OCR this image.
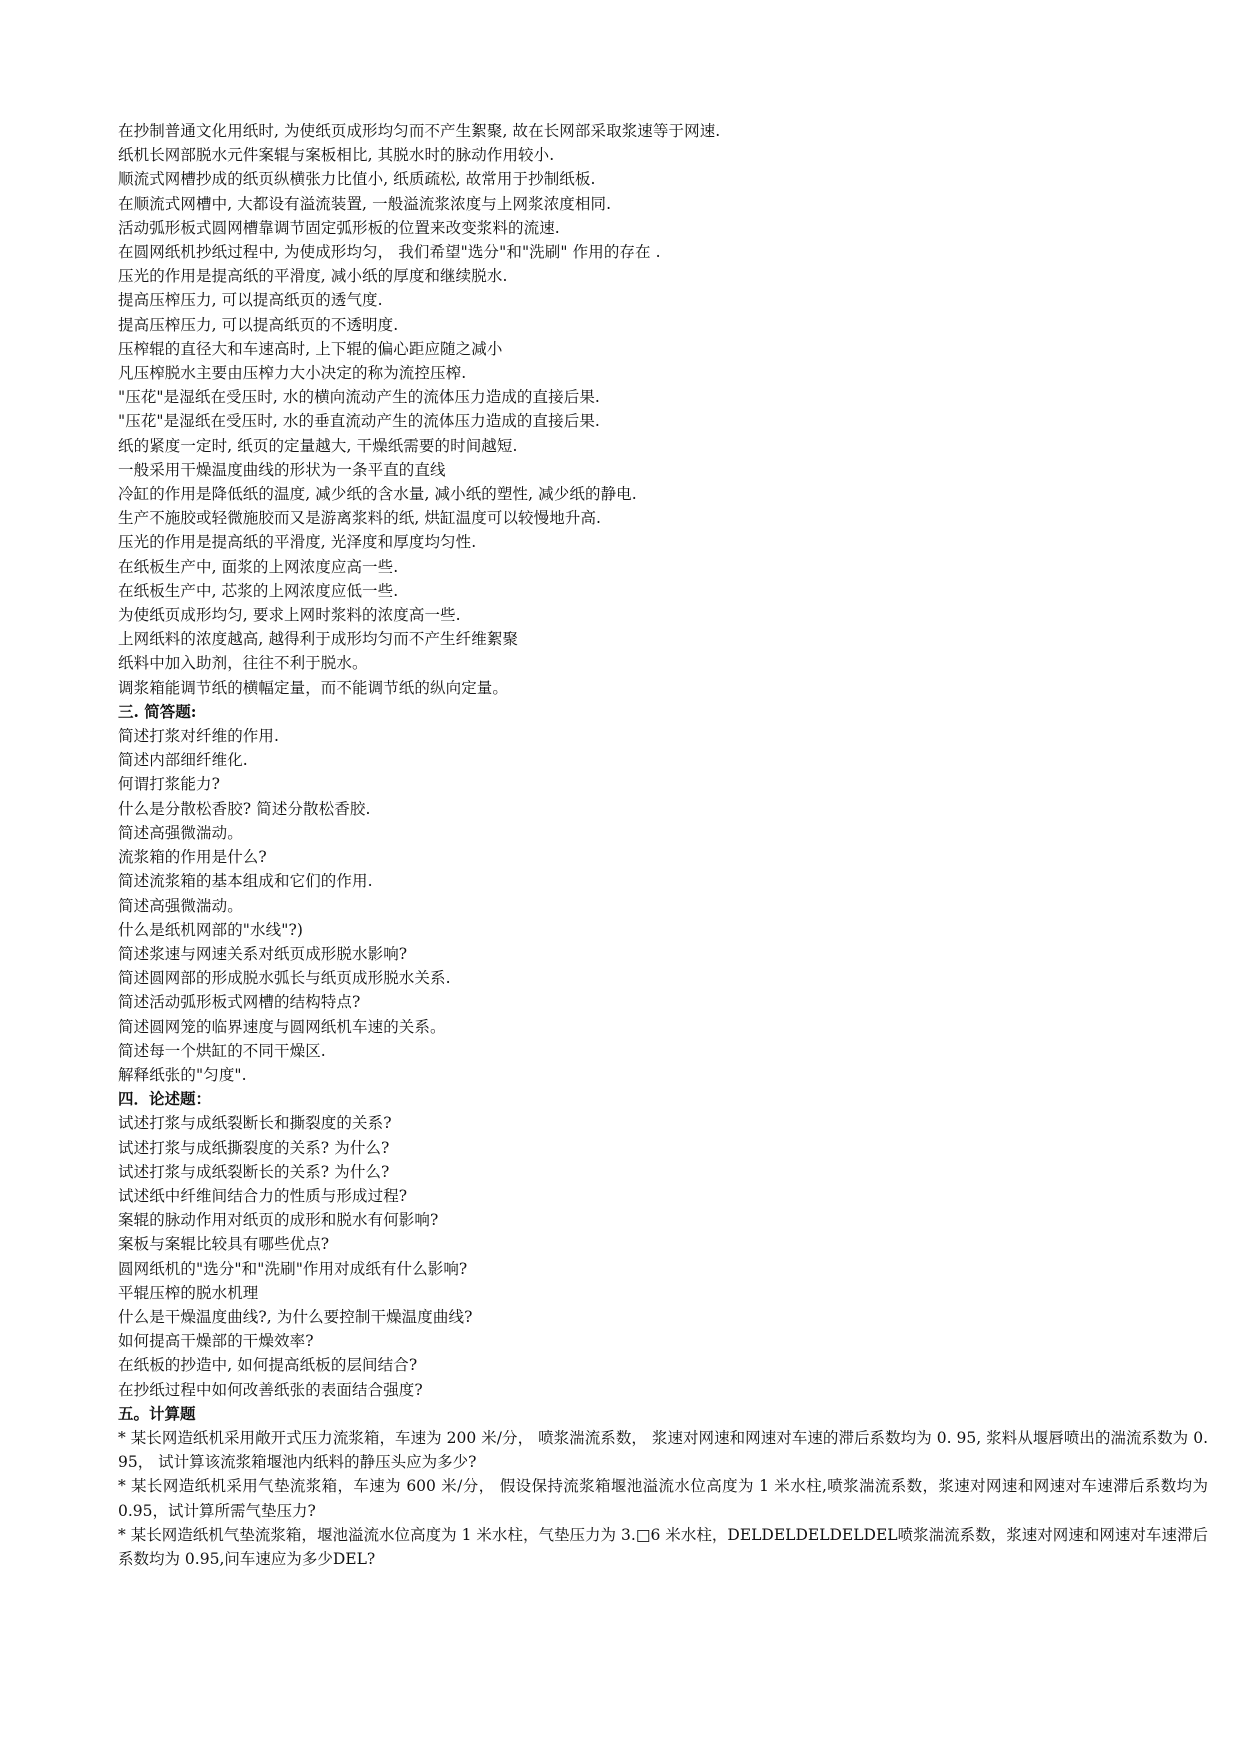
在抄制普通文化用纸时, 为使纸页成形均匀而不产生絮聚, 故在长网部采取浆速等于网速.
纸机长网部脱水元件案辊与案板相比, 其脱水时的脉动作用较小.
顺流式网槽抄成的纸页纵横张力比值小, 纸质疏松, 故常用于抄制纸板.
在顺流式网槽中, 大都设有溢流装置, 一般溢流浆浓度与上网浆浓度相同.
活动弧形板式圆网槽靠调节固定弧形板的位置来改变浆料的流速.
在圆网纸机抄纸过程中, 为使成形均匀， 我们希望"选分"和"洗刷" 作用的存在 .
压光的作用是提高纸的平滑度, 减小纸的厚度和继续脱水.
提高压榨压力, 可以提高纸页的透气度.
提高压榨压力, 可以提高纸页的不透明度.
压榨辊的直径大和车速高时, 上下辊的偏心距应随之减小
凡压榨脱水主要由压榨力大小决定的称为流控压榨.
"压花"是湿纸在受压时, 水的横向流动产生的流体压力造成的直接后果.
"压花"是湿纸在受压时, 水的垂直流动产生的流体压力造成的直接后果.
纸的紧度一定时, 纸页的定量越大, 干燥纸需要的时间越短.
一般采用干燥温度曲线的形状为一条平直的直线
冷缸的作用是降低纸的温度, 减少纸的含水量, 减小纸的塑性, 减少纸的静电.
生产不施胶或轻微施胶而又是游离浆料的纸, 烘缸温度可以较慢地升高.
压光的作用是提高纸的平滑度, 光泽度和厚度均匀性.
在纸板生产中, 面浆的上网浓度应高一些.
在纸板生产中, 芯浆的上网浓度应低一些.
为使纸页成形均匀, 要求上网时浆料的浓度高一些.
上网纸料的浓度越高, 越得利于成形均匀而不产生纤维絮聚
纸料中加入助剂，往往不利于脱水。
调浆箱能调节纸的横幅定量，而不能调节纸的纵向定量。
三. 简答题:
简述打浆对纤维的作用.
简述内部细纤维化.
何谓打浆能力?
什么是分散松香胶? 简述分散松香胶.
简述高强微湍动。
流浆箱的作用是什么?
简述流浆箱的基本组成和它们的作用.
简述高强微湍动。
什么是纸机网部的"水线"?)
简述浆速与网速关系对纸页成形脱水影响?
简述圆网部的形成脱水弧长与纸页成形脱水关系.
简述活动弧形板式网槽的结构特点?
简述圆网笼的临界速度与圆网纸机车速的关系。
简述每一个烘缸的不同干燥区.
解释纸张的"匀度".
四．论述题：
试述打浆与成纸裂断长和撕裂度的关系?
试述打浆与成纸撕裂度的关系? 为什么?
试述打浆与成纸裂断长的关系? 为什么?
试述纸中纤维间结合力的性质与形成过程?
案辊的脉动作用对纸页的成形和脱水有何影响?
案板与案辊比较具有哪些优点?
圆网纸机的"选分"和"洗刷"作用对成纸有什么影响?
平辊压榨的脱水机理
什么是干燥温度曲线?, 为什么要控制干燥温度曲线?
如何提高干燥部的干燥效率?
在纸板的抄造中, 如何提高纸板的层间结合?
在抄纸过程中如何改善纸张的表面结合强度?
五。计算题
* 某长网造纸机采用敞开式压力流浆箱，车速为 200 米/分， 喷浆湍流系数， 浆速对网速和网速对车速的滞后系数均为 0. 95, 浆料从堰唇喷出的湍流系数为 0. 95， 试计算该流浆箱堰池内纸料的静压头应为多少?
* 某长网造纸机采用气垫流浆箱，车速为 600 米/分， 假设保持流浆箱堰池溢流水位高度为 1 米水柱,喷浆湍流系数，浆速对网速和网速对车速滞后系数均为 0.95，试计算所需气垫压力?
* 某长网造纸机气垫流浆箱，堰池溢流水位高度为 1 米水柱，气垫压力为 3.□6 米水柱，DELDELDELDELDEL喷浆湍流系数，浆速对网速和网速对车速滞后系数均为 0.95,问车速应为多少DEL?
